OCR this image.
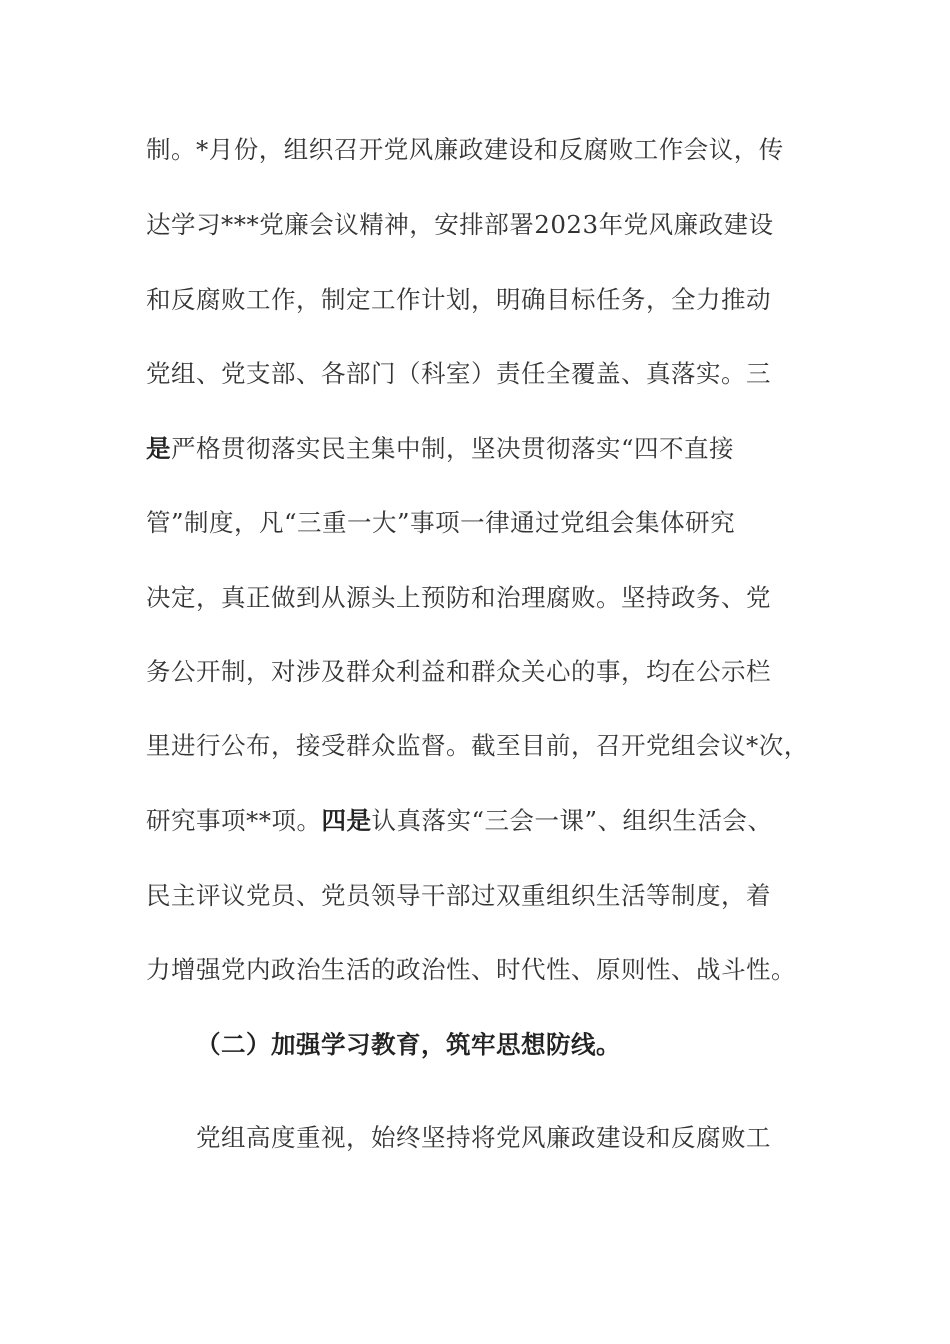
制。*月份，组织召开党风廉政建设和反腐败工作会议，传
达学习***党廉会议精神，安排部署2023年党风廉政建设
和反腐败工作，制定工作计划，明确目标任务，全力推动
党组、党支部、各部门（科室）责任全覆盖、真落实。三
是严格贯彻落实民主集中制，坚决贯彻落实“四不直接
管”制度，凡“三重一大”事项一律通过党组会集体研究
决定，真正做到从源头上预防和治理腐败。坚持政务、党
务公开制，对涉及群众利益和群众关心的事，均在公示栏
里进行公布，接受群众监督。截至目前，召开党组会议*次，
研究事项**项。四是认真落实“三会一课”、组织生活会、
民主评议党员、党员领导干部过双重组织生活等制度，着
力增强党内政治生活的政治性、时代性、原则性、战斗性。
（二）加强学习教育，筑牢思想防线。
党组高度重视，始终坚持将党风廉政建设和反腐败工
